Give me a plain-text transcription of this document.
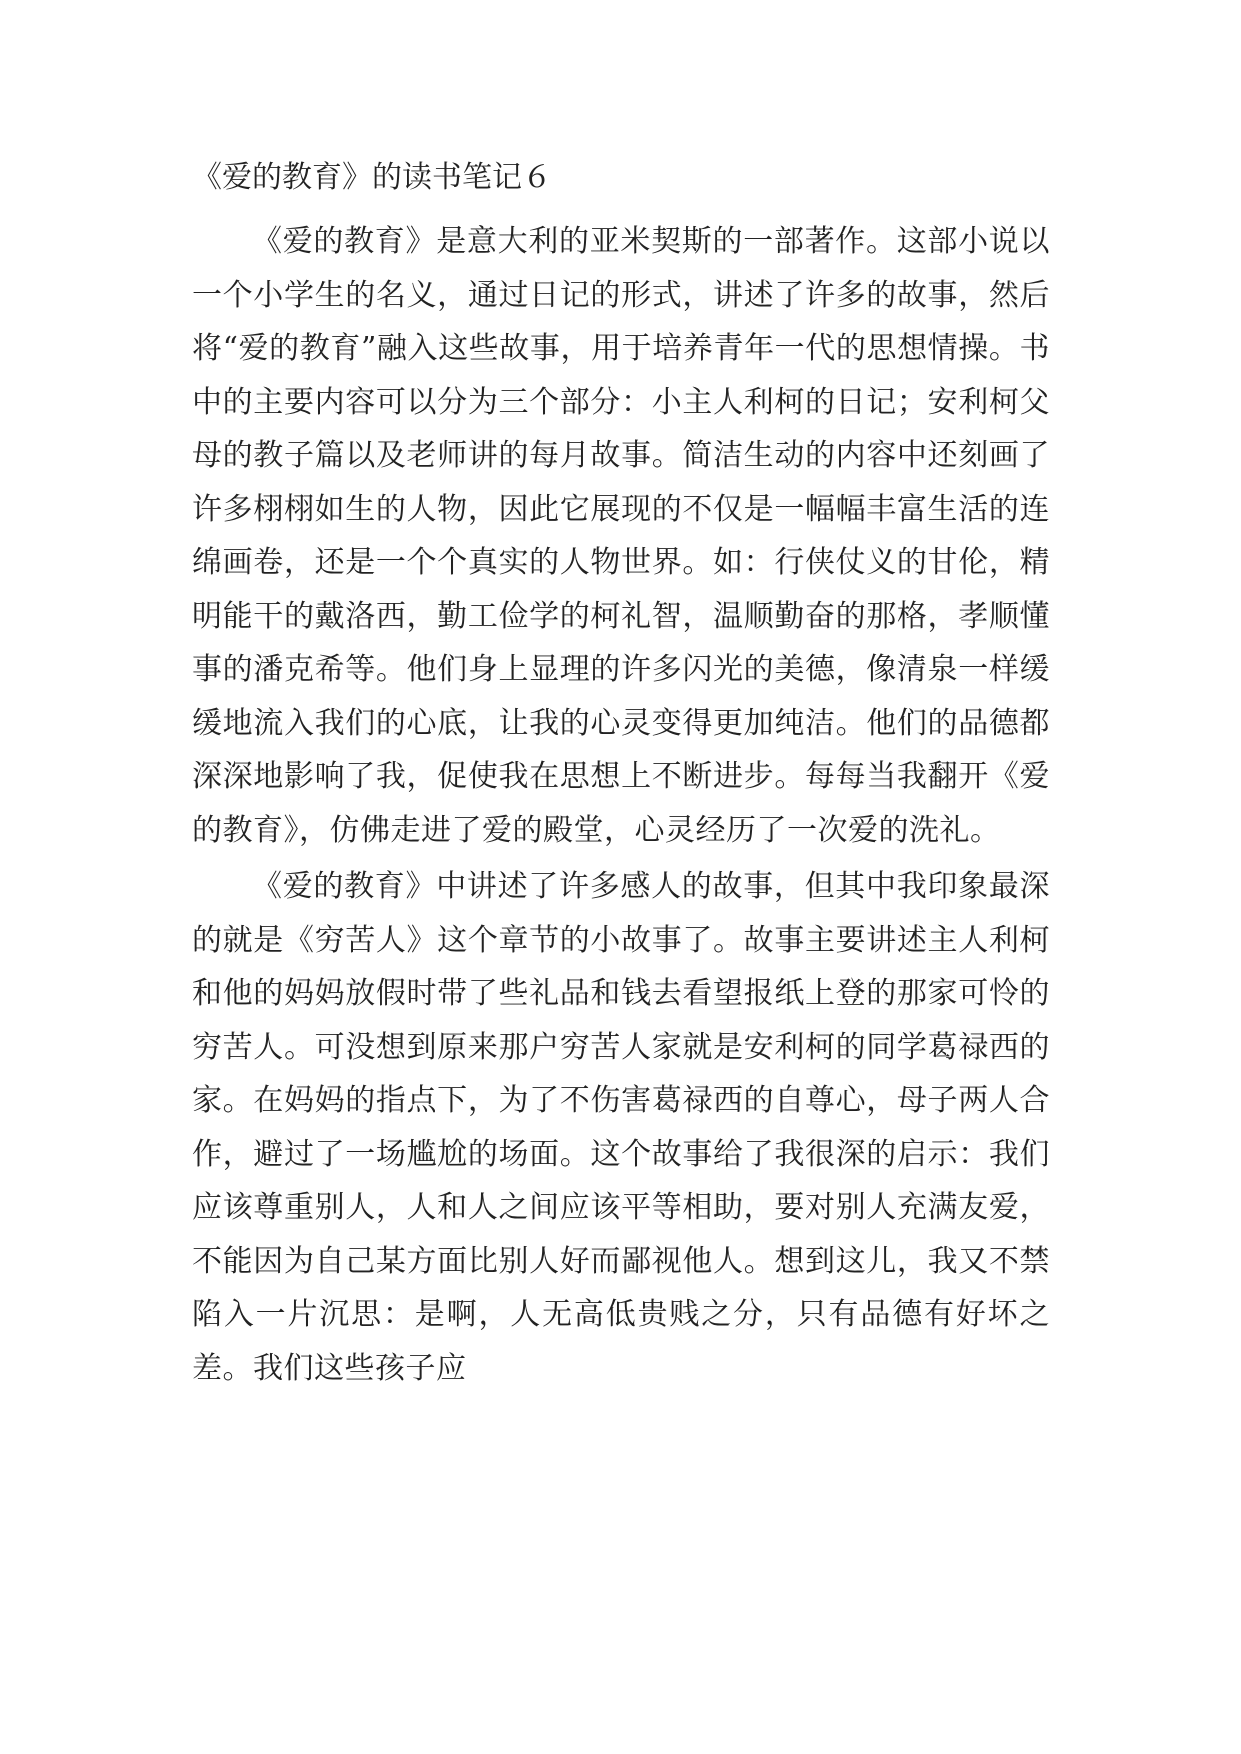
《爱的教育》的读书笔记６

《爱的教育》是意大利的亚米契斯的一部著作。这部小说以一个小学生的名义，通过日记的形式，讲述了许多的故事，然后将“爱的教育”融入这些故事，用于培养青年一代的思想情操。书中的主要内容可以分为三个部分：小主人利柯的日记；安利柯父母的教子篇以及老师讲的每月故事。简洁生动的内容中还刻画了许多栩栩如生的人物，因此它展现的不仅是一幅幅丰富生活的连绵画卷，还是一个个真实的人物世界。如：行侠仗义的甘伦，精明能干的戴洛西，勤工俭学的柯礼智，温顺勤奋的那格，孝顺懂事的潘克希等。他们身上显理的许多闪光的美德，像清泉一样缓缓地流入我们的心底，让我的心灵变得更加纯洁。他们的品德都深深地影响了我，促使我在思想上不断进步。每每当我翻开《爱的教育》，仿佛走进了爱的殿堂，心灵经历了一次爱的洗礼。

《爱的教育》中讲述了许多感人的故事，但其中我印象最深的就是《穷苦人》这个章节的小故事了。故事主要讲述主人利柯和他的妈妈放假时带了些礼品和钱去看望报纸上登的那家可怜的穷苦人。可没想到原来那户穷苦人家就是安利柯的同学葛禄西的家。在妈妈的指点下，为了不伤害葛禄西的自尊心，母子两人合作，避过了一场尴尬的场面。这个故事给了我很深的启示：我们应该尊重别人，人和人之间应该平等相助，要对别人充满友爱，不能因为自己某方面比别人好而鄙视他人。想到这儿，我又不禁陷入一片沉思：是啊，人无高低贵贱之分，只有品德有好坏之差。我们这些孩子应
